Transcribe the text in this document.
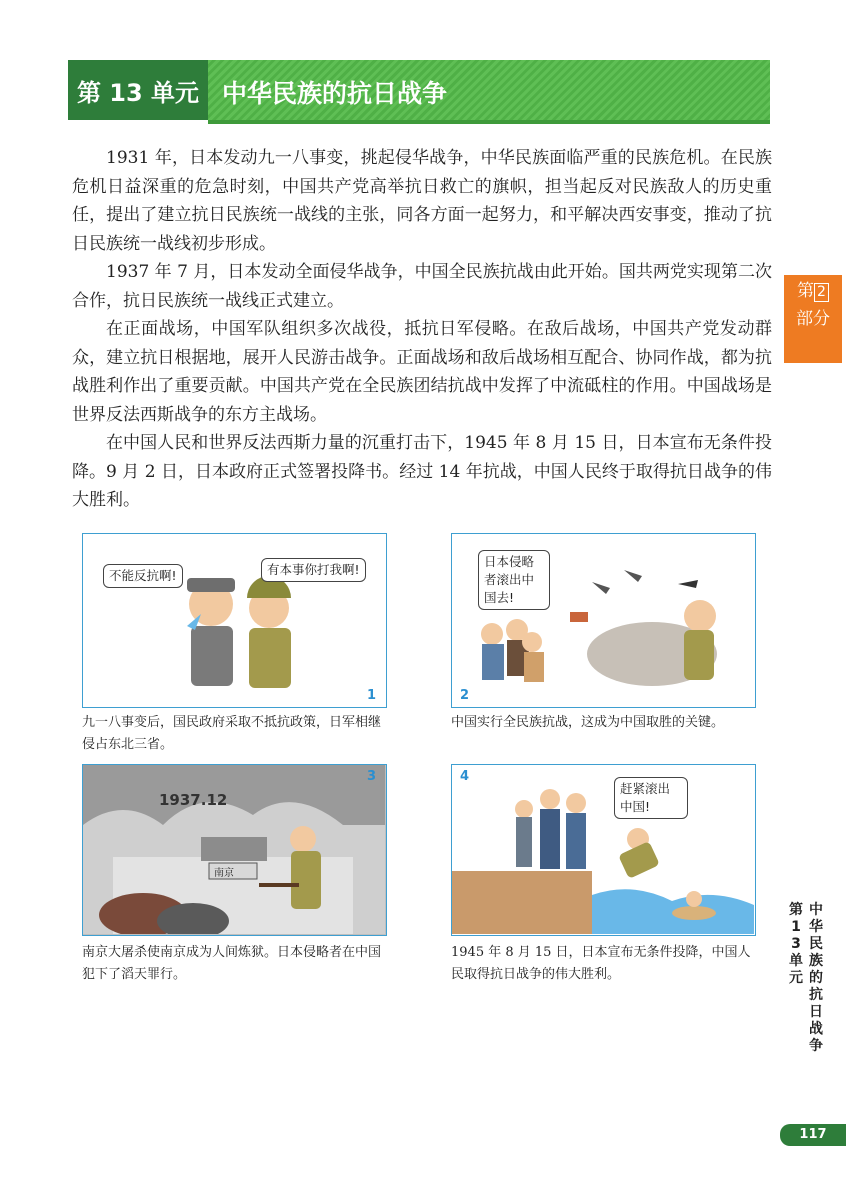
第 13 单元 中华民族的抗日战争
第 2
部分

1931 年，日本发动九一八事变，挑起侵华战争，中华民族面临严重的民族危机。在民族危机日益深重的危急时刻，中国共产党高举抗日救亡的旗帜，担当起反对民族敌人的历史重任，提出了建立抗日民族统一战线的主张，同各方面一起努力，和平解决西安事变，推动了抗日民族统一战线初步形成。

1937 年 7 月，日本发动全面侵华战争，中国全民族抗战由此开始。国共两党实现第二次合作，抗日民族统一战线正式建立。

在正面战场，中国军队组织多次战役，抵抗日军侵略。在敌后战场，中国共产党发动群众，建立抗日根据地，展开人民游击战争。正面战场和敌后战场相互配合、协同作战，都为抗战胜利作出了重要贡献。中国共产党在全民族团结抗战中发挥了中流砥柱的作用。中国战场是世界反法西斯战争的东方主战场。

在中国人民和世界反法西斯力量的沉重打击下，1945 年 8 月 15 日，日本宣布无条件投降。9 月 2 日，日本政府正式签署投降书。经过 14 年抗战，中国人民终于取得抗日战争的伟大胜利。

不能反抗啊!	有本事你打我啊!
1
九一八事变后，国民政府采取不抵抗政策，日军相继侵占东北三省。
日本侵略者滚出中国去!
2
中国实行全民族抗战，这成为中国取胜的关键。
1937.12
南京
3
南京大屠杀使南京成为人间炼狱。日本侵略者在中国犯下了滔天罪行。
赶紧滚出中国!
4
1945 年 8 月 15 日，日本宣布无条件投降，中国人民取得抗日战争的伟大胜利。
第13单元中华民族的抗日战争
117
